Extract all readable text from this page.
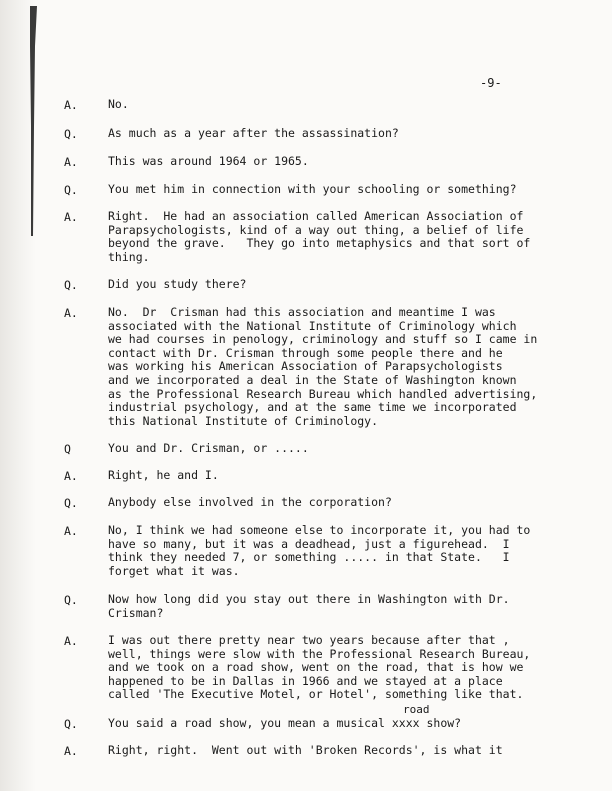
-9-
A.	No.
Q.	As much as a year after the assassination?
A.	This was around 1964 or 1965.
Q.	You met him in connection with your schooling or something?
A.	Right.  He had an association called American Association of
Parapsychologists, kind of a way out thing, a belief of life
beyond the grave.   They go into metaphysics and that sort of
thing.
Q.	Did you study there?
A.	No.  Dr  Crisman had this association and meantime I was
associated with the National Institute of Criminology which
we had courses in penology, criminology and stuff so I came in
contact with Dr. Crisman through some people there and he
was working his American Association of Parapsychologists
and we incorporated a deal in the State of Washington known
as the Professional Research Bureau which handled advertising,
industrial psychology, and at the same time we incorporated
this National Institute of Criminology.
Q	You and Dr. Crisman, or .....
A.	Right, he and I.
Q.	Anybody else involved in the corporation?
A.	No, I think we had someone else to incorporate it, you had to
have so many, but it was a deadhead, just a figurehead.  I
think they needed 7, or something ..... in that State.   I
forget what it was.
Q.	Now how long did you stay out there in Washington with Dr.
Crisman?
A.	I was out there pretty near two years because after that ,
well, things were slow with the Professional Research Bureau,
and we took on a road show, went on the road, that is how we
happened to be in Dallas in 1966 and we stayed at a place
called 'The Executive Motel, or Hotel', something like that.
road
Q.	You said a road show, you mean a musical xxxx show?
A.	Right, right.  Went out with 'Broken Records', is what it
